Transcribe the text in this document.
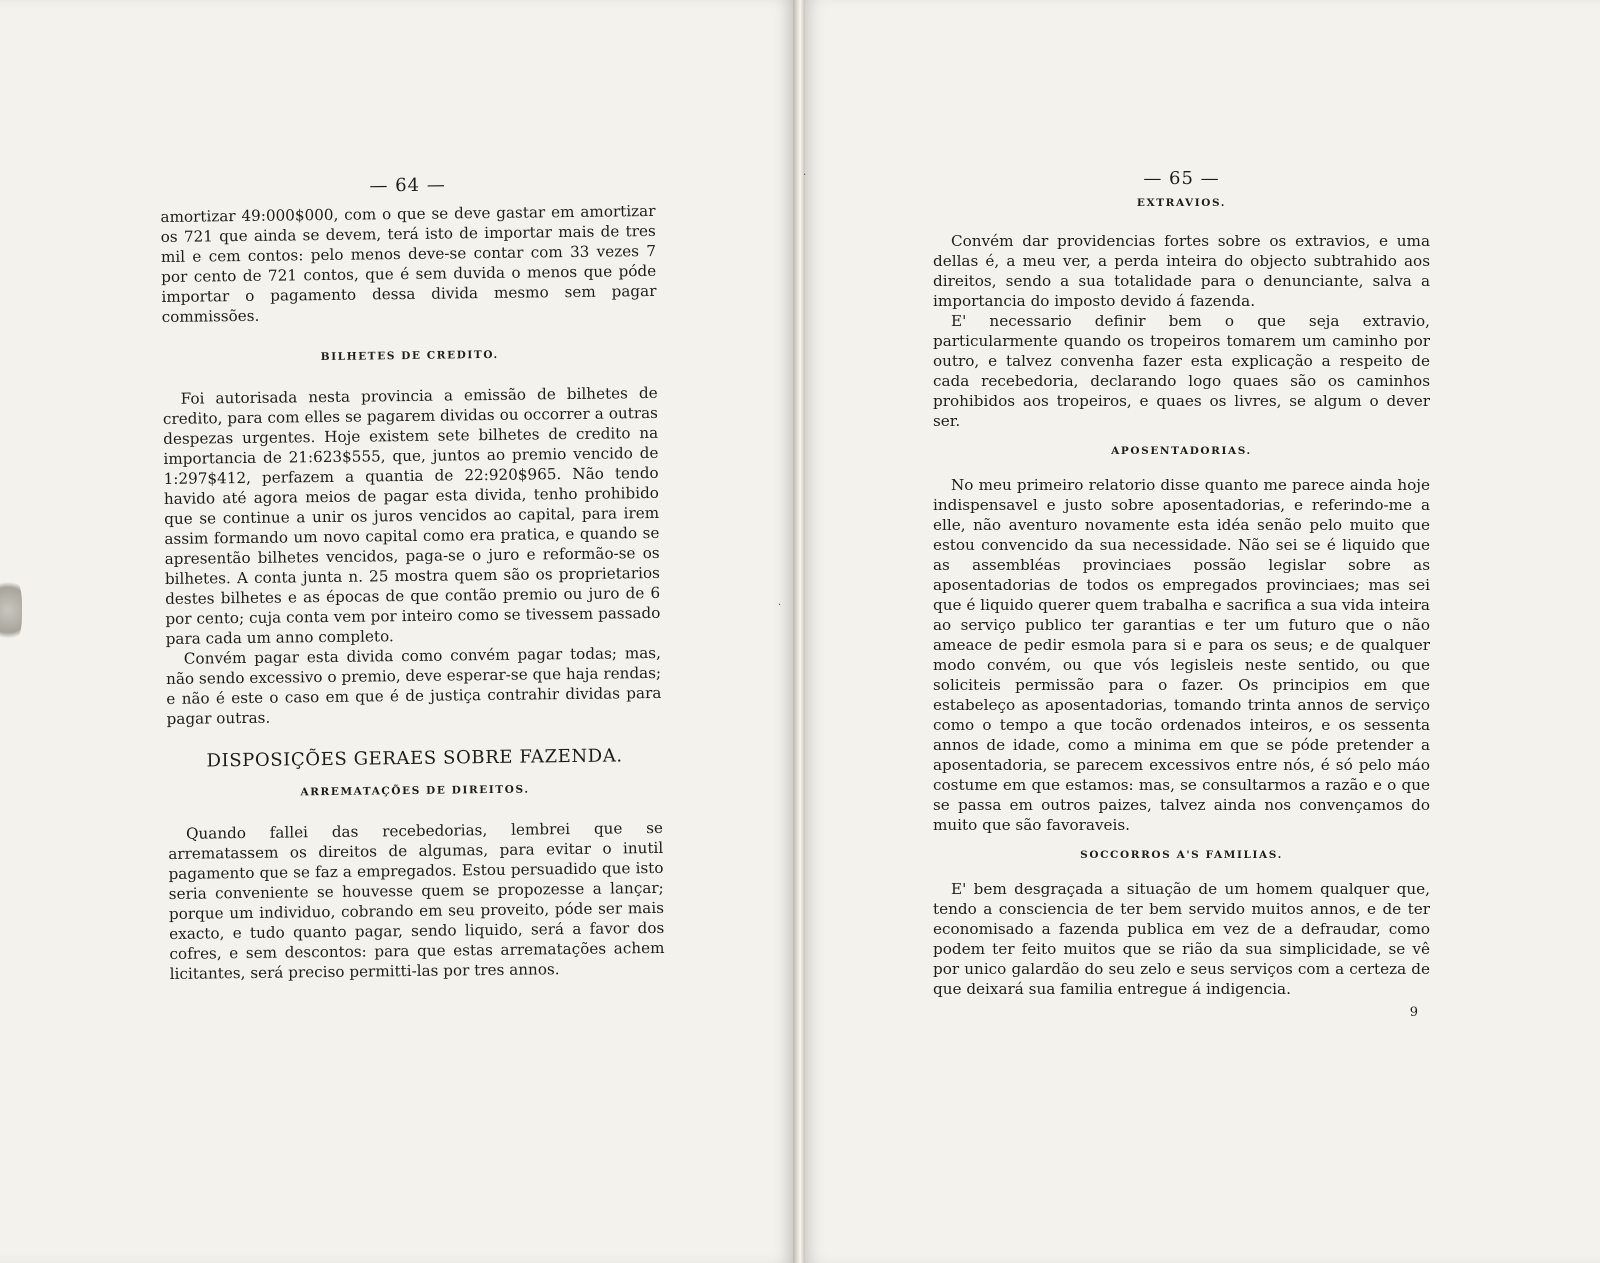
— 64 —

amortizar 49:000$000, com o que se deve gastar em amortizar os 721 que ainda se devem, terá isto de importar mais de tres mil e cem contos: pelo menos deve-se contar com 33 vezes 7 por cento de 721 contos, que é sem duvida o menos que póde importar o pagamento dessa divida mesmo sem pagar commissões.

BILHETES DE CREDITO.

Foi autorisada nesta provincia a emissão de bilhetes de credito, para com elles se pagarem dividas ou occorrer a outras despezas urgentes. Hoje existem sete bilhetes de credito na importancia de 21:623$555, que, juntos ao premio vencido de 1:297$412, perfazem a quantia de 22:920$965. Não tendo havido até agora meios de pagar esta divida, tenho prohibido que se continue a unir os juros vencidos ao capital, para irem assim formando um novo capital como era pratica, e quando se apresentão bilhetes vencidos, paga-se o juro e reformão-se os bilhetes. A conta junta n. 25 mostra quem são os proprietarios destes bilhetes e as épocas de que contão premio ou juro de 6 por cento; cuja conta vem por inteiro como se tivessem passado para cada um anno completo.

Convém pagar esta divida como convém pagar todas; mas, não sendo excessivo o premio, deve esperar-se que haja rendas; e não é este o caso em que é de justiça contrahir dividas para pagar outras.

DISPOSIÇÕES GERAES SOBRE FAZENDA.
ARREMATAÇÕES DE DIREITOS.

Quando fallei das recebedorias, lembrei que se arrematassem os direitos de algumas, para evitar o inutil pagamento que se faz a empregados. Estou persuadido que isto seria conveniente se houvesse quem se propozesse a lançar; porque um individuo, cobrando em seu proveito, póde ser mais exacto, e tudo quanto pagar, sendo liquido, será a favor dos cofres, e sem descontos: para que estas arrematações achem licitantes, será preciso permitti-las por tres annos.

·
— 65 —
EXTRAVIOS.

Convém dar providencias fortes sobre os extravios, e uma dellas é, a meu ver, a perda inteira do objecto subtrahido aos direitos, sendo a sua totalidade para o denunciante, salva a importancia do imposto devido á fazenda.

E' necessario definir bem o que seja extravio, particularmente quando os tropeiros tomarem um caminho por outro, e talvez convenha fazer esta explicação a respeito de cada recebedoria, declarando logo quaes são os caminhos prohibidos aos tropeiros, e quaes os livres, se algum o dever ser.

APOSENTADORIAS.

No meu primeiro relatorio disse quanto me parece ainda hoje indispensavel e justo sobre aposentadorias, e referindo-me a elle, não aventuro novamente esta idéa senão pelo muito que estou convencido da sua necessidade. Não sei se é liquido que as assembléas provinciaes possão legislar sobre as aposentadorias de todos os empregados provinciaes; mas sei que é liquido querer quem trabalha e sacrifica a sua vida inteira ao serviço publico ter garantias e ter um futuro que o não ameace de pedir esmola para si e para os seus; e de qualquer modo convém, ou que vós legisleis neste sentido, ou que soliciteis permissão para o fazer. Os principios em que estabeleço as aposentadorias, tomando trinta annos de serviço como o tempo a que tocão ordenados inteiros, e os sessenta annos de idade, como a minima em que se póde pretender a aposentadoria, se parecem excessivos entre nós, é só pelo máo costume em que estamos: mas, se consultarmos a razão e o que se passa em outros paizes, talvez ainda nos convençamos do muito que são favoraveis.

SOCCORROS A'S FAMILIAS.

E' bem desgraçada a situação de um homem qualquer que, tendo a consciencia de ter bem servido muitos annos, e de ter economisado a fazenda publica em vez de a defraudar, como podem ter feito muitos que se rião da sua simplicidade, se vê por unico galardão do seu zelo e seus serviços com a certeza de que deixará sua familia entregue á indigencia.

9
·
